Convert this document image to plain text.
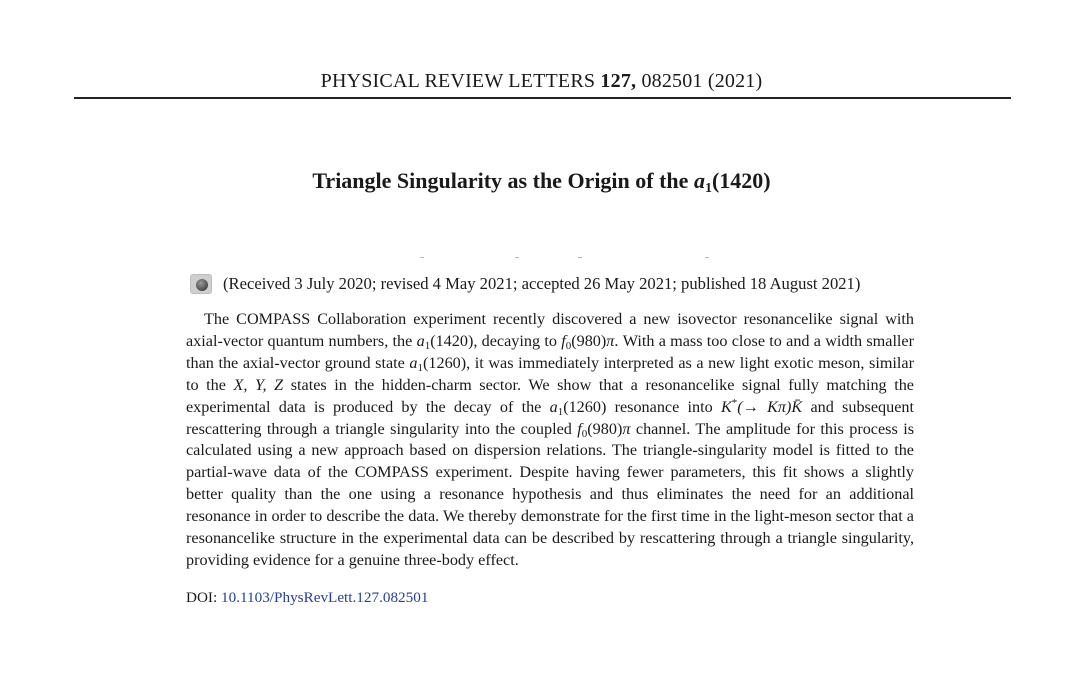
PHYSICAL REVIEW LETTERS 127, 082501 (2021)
Triangle Singularity as the Origin of the $a_1(1420)$
(Received 3 July 2020; revised 4 May 2021; accepted 26 May 2021; published 18 August 2021)

The COMPASS Collaboration experiment recently discovered a new isovector resonancelike signal with axial-vector quantum numbers, the $a_1(1420)$, decaying to $f_0(980)\pi$. With a mass too close to and a width smaller than the axial-vector ground state $a_1(1260)$, it was immediately interpreted as a new light exotic meson, similar to the X, Y, Z states in the hidden-charm sector. We show that a resonancelike signal fully matching the experimental data is produced by the decay of the $a_1(1260)$ resonance into K*(→ Kπ)K̄ and subsequent rescattering through a triangle singularity into the coupled $f_0(980)\pi$ channel. The amplitude for this process is calculated using a new approach based on dispersion relations. The triangle-singularity model is fitted to the partial-wave data of the COMPASS experiment. Despite having fewer parameters, this fit shows a slightly better quality than the one using a resonance hypothesis and thus eliminates the need for an additional resonance in order to describe the data. We thereby demonstrate for the first time in the light-meson sector that a resonancelike structure in the experimental data can be described by rescattering through a triangle singularity, providing evidence for a genuine three-body effect.

DOI: 10.1103/PhysRevLett.127.082501
